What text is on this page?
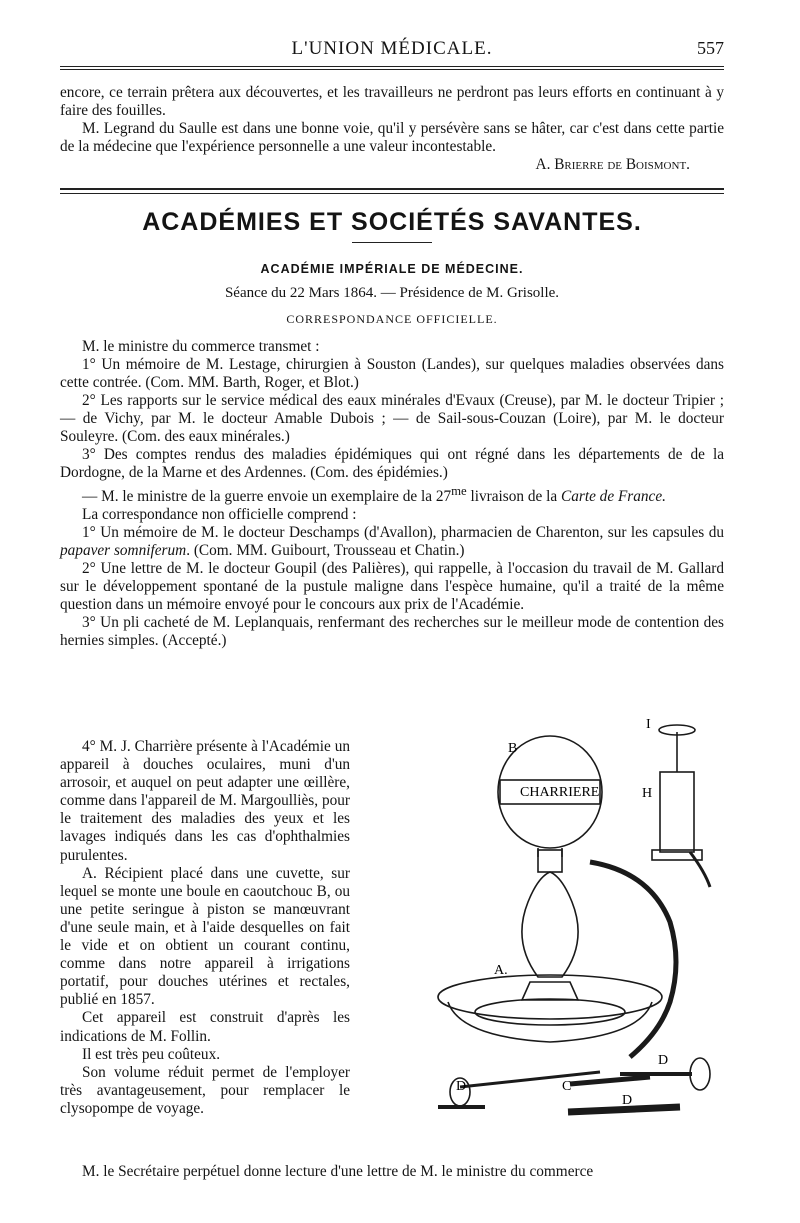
L'UNION MÉDICALE.	557

encore, ce terrain prêtera aux découvertes, et les travailleurs ne perdront pas leurs efforts en continuant à y faire des fouilles.

M. Legrand du Saulle est dans une bonne voie, qu'il y persévère sans se hâter, car c'est dans cette partie de la médecine que l'expérience personnelle a une valeur incontestable.

A. Brierre de Boismont.

ACADÉMIES ET SOCIÉTÉS SAVANTES.
ACADÉMIE IMPÉRIALE DE MÉDECINE.
Séance du 22 Mars 1864. — Présidence de M. Grisolle.
CORRESPONDANCE OFFICIELLE.

M. le ministre du commerce transmet :

1° Un mémoire de M. Lestage, chirurgien à Souston (Landes), sur quelques maladies observées dans cette contrée. (Com. MM. Barth, Roger, et Blot.)

2° Les rapports sur le service médical des eaux minérales d'Evaux (Creuse), par M. le docteur Tripier ; — de Vichy, par M. le docteur Amable Dubois ; — de Sail-sous-Couzan (Loire), par M. le docteur Souleyre. (Com. des eaux minérales.)

3° Des comptes rendus des maladies épidémiques qui ont régné dans les départements de de la Dordogne, de la Marne et des Ardennes. (Com. des épidémies.)

— M. le ministre de la guerre envoie un exemplaire de la $27^{me}$ livraison de la Carte de France.

La correspondance non officielle comprend :

1° Un mémoire de M. le docteur Deschamps (d'Avallon), pharmacien de Charenton, sur les capsules du papaver somniferum. (Com. MM. Guibourt, Trousseau et Chatin.)

2° Une lettre de M. le docteur Goupil (des Palières), qui rappelle, à l'occasion du travail de M. Gallard sur le développement spontané de la pustule maligne dans l'espèce humaine, qu'il a traité de la même question dans un mémoire envoyé pour le concours aux prix de l'Académie.

3° Un pli cacheté de M. Leplanquais, renfermant des recherches sur le meilleur mode de contention des hernies simples. (Accepté.)

4° M. J. Charrière présente à l'Académie un appareil à douches oculaires, muni d'un arrosoir, et auquel on peut adapter une œillère, comme dans l'appareil de M. Margoulliès, pour le traitement des maladies des yeux et les lavages indiqués dans les cas d'ophthalmies purulentes.

A. Récipient placé dans une cuvette, sur lequel se monte une boule en caoutchouc B, ou une petite seringue à piston se manœuvrant d'une seule main, et à l'aide desquelles on fait le vide et on obtient un courant continu, comme dans notre appareil à irrigations portatif, pour douches utérines et rectales, publié en 1857.

Cet appareil est construit d'après les indications de M. Follin.

Il est très peu coûteux.

Son volume réduit permet de l'employer très avantageusement, pour remplacer le clysopompe de voyage.

CHARRIERE
B
H
I
A.
C
D
D
D
M. le Secrétaire perpétuel donne lecture d'une lettre de M. le ministre du commerce
